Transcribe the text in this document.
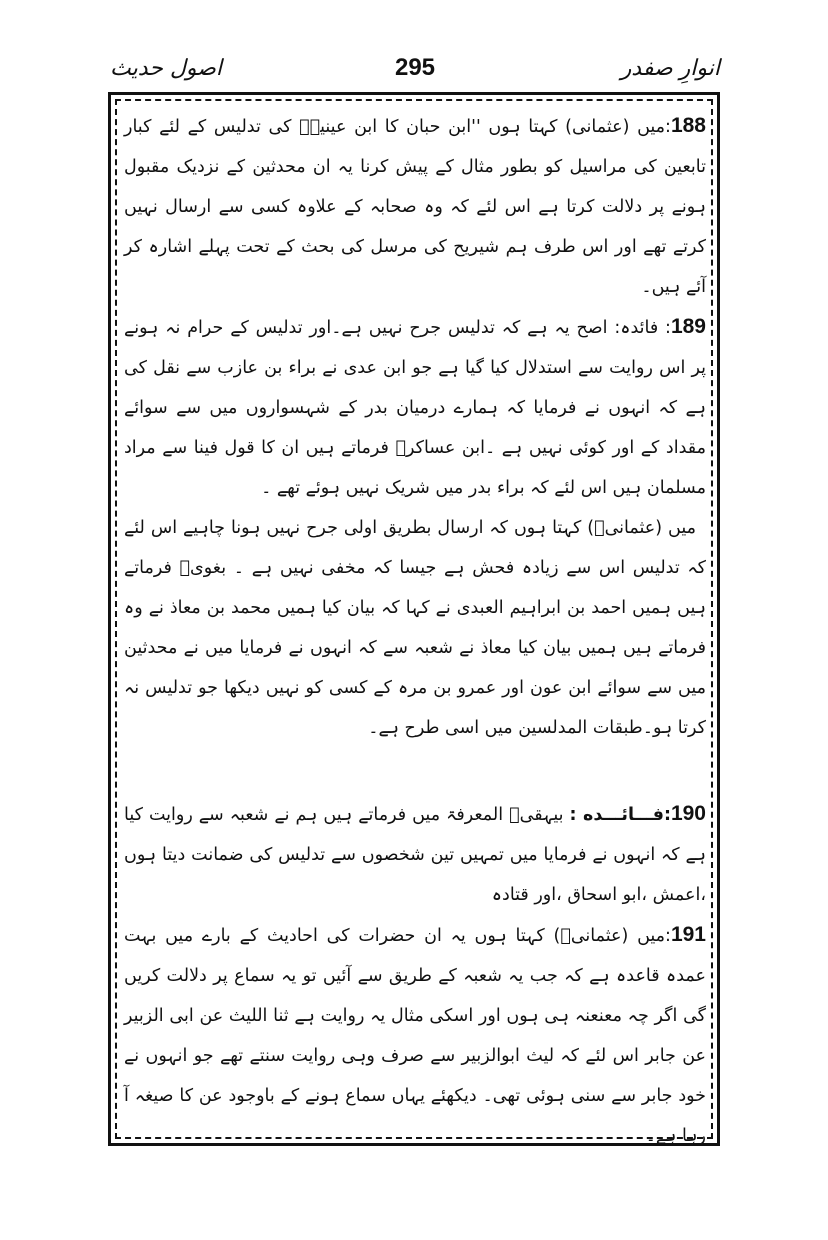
انوارِ صفدر
295
اصول حدیث

188:میں (عثمانی) کہتا ہوں ''ابن حبان کا ابن عینیہؒ کی تدلیس کے لئے کبار تابعین کی مراسیل کو بطور مثال کے پیش کرنا یہ ان محدثین کے نزدیک مقبول ہونے پر دلالت کرتا ہے اس لئے کہ وہ صحابہ کے علاوہ کسی سے ارسال نہیں کرتے تھے اور اس طرف ہم شیریح کی مرسل کی بحث کے تحت پہلے اشارہ کر آئے ہیں۔

189: فائدہ: اصح یہ ہے کہ تدلیس جرح نہیں ہے۔اور تدلیس کے حرام نہ ہونے پر اس روایت سے استدلال کیا گیا ہے جو ابن عدی نے براء بن عازب سے نقل کی ہے کہ انہوں نے فرمایا کہ ہمارے درمیان بدر کے شہسواروں میں سے سوائے مقداد کے اور کوئی نہیں ہے ۔ابن عساکرؒ فرماتے ہیں ان کا قول فینا سے مراد مسلمان ہیں اس لئے کہ براء بدر میں شریک نہیں ہوئے تھے ۔

میں (عثمانیؒ) کہتا ہوں کہ ارسال بطریق اولی جرح نہیں ہونا چاہیے اس لئے کہ تدلیس اس سے زیادہ فحش ہے جیسا کہ مخفی نہیں ہے ۔ بغویؒ فرماتے ہیں ہمیں احمد بن ابراہیم العبدی نے کہا کہ بیان کیا ہمیں محمد بن معاذ نے وہ فرماتے ہیں ہمیں بیان کیا معاذ نے شعبہ سے کہ انہوں نے فرمایا میں نے محدثین میں سے سوائے ابن عون اور عمرو بن مرہ کے کسی کو نہیں دیکھا جو تدلیس نہ کرتا ہو۔طبقات المدلسین میں اسی طرح ہے۔

190:فـــائـــده : بیہقیؒ المعرفۃ میں فرماتے ہیں ہم نے شعبہ سے روایت کیا ہے کہ انہوں نے فرمایا میں تمہیں تین شخصوں سے تدلیس کی ضمانت دیتا ہوں ،اعمش ،ابو اسحاق ،اور قتادہ

191:میں (عثمانیؒ) کہتا ہوں یہ ان حضرات کی احادیث کے بارے میں بہت عمدہ قاعدہ ہے کہ جب یہ شعبہ کے طریق سے آئیں تو یہ سماع پر دلالت کریں گی اگر چہ معنعنہ ہی ہوں اور اسکی مثال یہ روایت ہے ثنا اللیث عن ابی الزبیر عن جابر اس لئے کہ لیث ابوالزبیر سے صرف وہی روایت سنتے تھے جو انہوں نے خود جابر سے سنی ہوئی تھی۔ دیکھئے یہاں سماع ہونے کے باوجود عن کا صیغہ آ رہا ہے۔
